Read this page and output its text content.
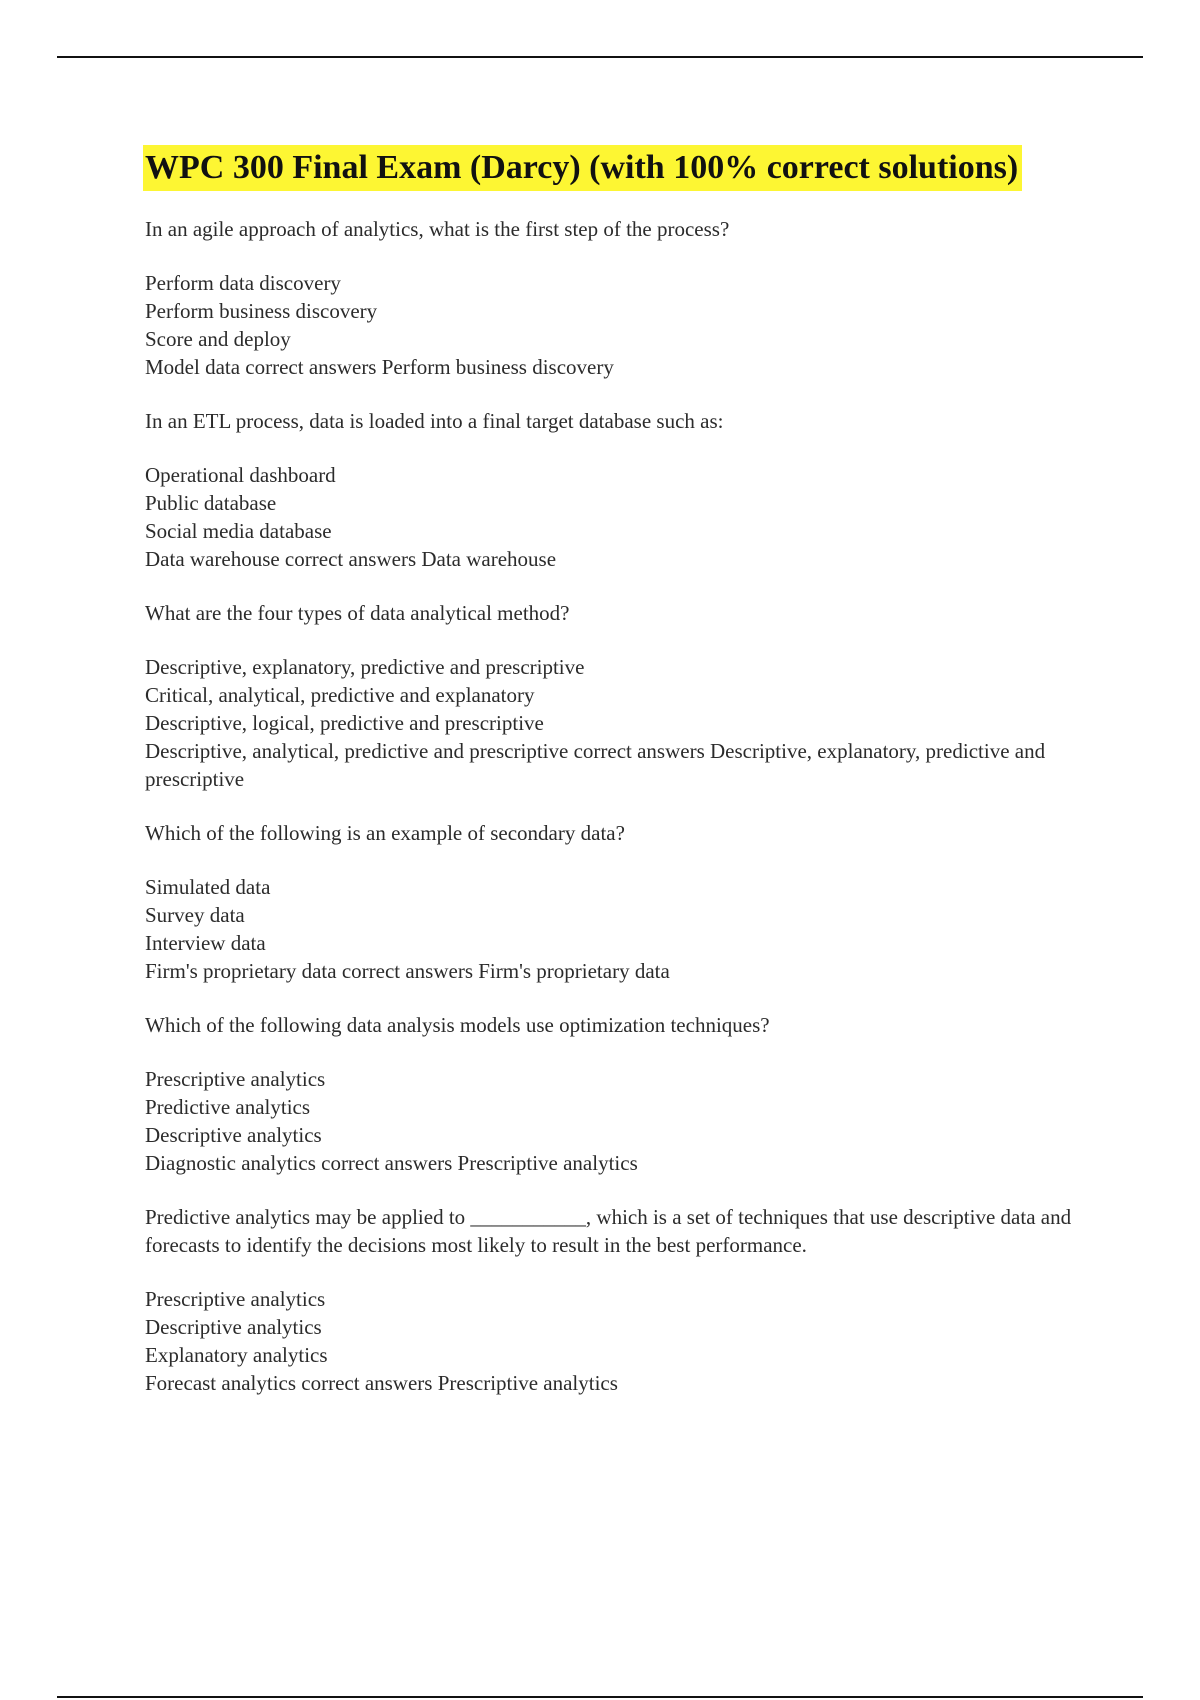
WPC 300 Final Exam (Darcy) (with 100% correct solutions)
In an agile approach of analytics, what is the first step of the process?
Perform data discovery
Perform business discovery
Score and deploy
Model data correct answers Perform business discovery
In an ETL process, data is loaded into a final target database such as:
Operational dashboard
Public database
Social media database
Data warehouse correct answers Data warehouse
What are the four types of data analytical method?
Descriptive, explanatory, predictive and prescriptive
Critical, analytical, predictive and explanatory
Descriptive, logical, predictive and prescriptive
Descriptive, analytical, predictive and prescriptive correct answers Descriptive, explanatory, predictive and prescriptive
Which of the following is an example of secondary data?
Simulated data
Survey data
Interview data
Firm's proprietary data correct answers Firm's proprietary data
Which of the following data analysis models use optimization techniques?
Prescriptive analytics
Predictive analytics
Descriptive analytics
Diagnostic analytics correct answers Prescriptive analytics
Predictive analytics may be applied to ___________, which is a set of techniques that use descriptive data and forecasts to identify the decisions most likely to result in the best performance.
Prescriptive analytics
Descriptive analytics
Explanatory analytics
Forecast analytics correct answers Prescriptive analytics
